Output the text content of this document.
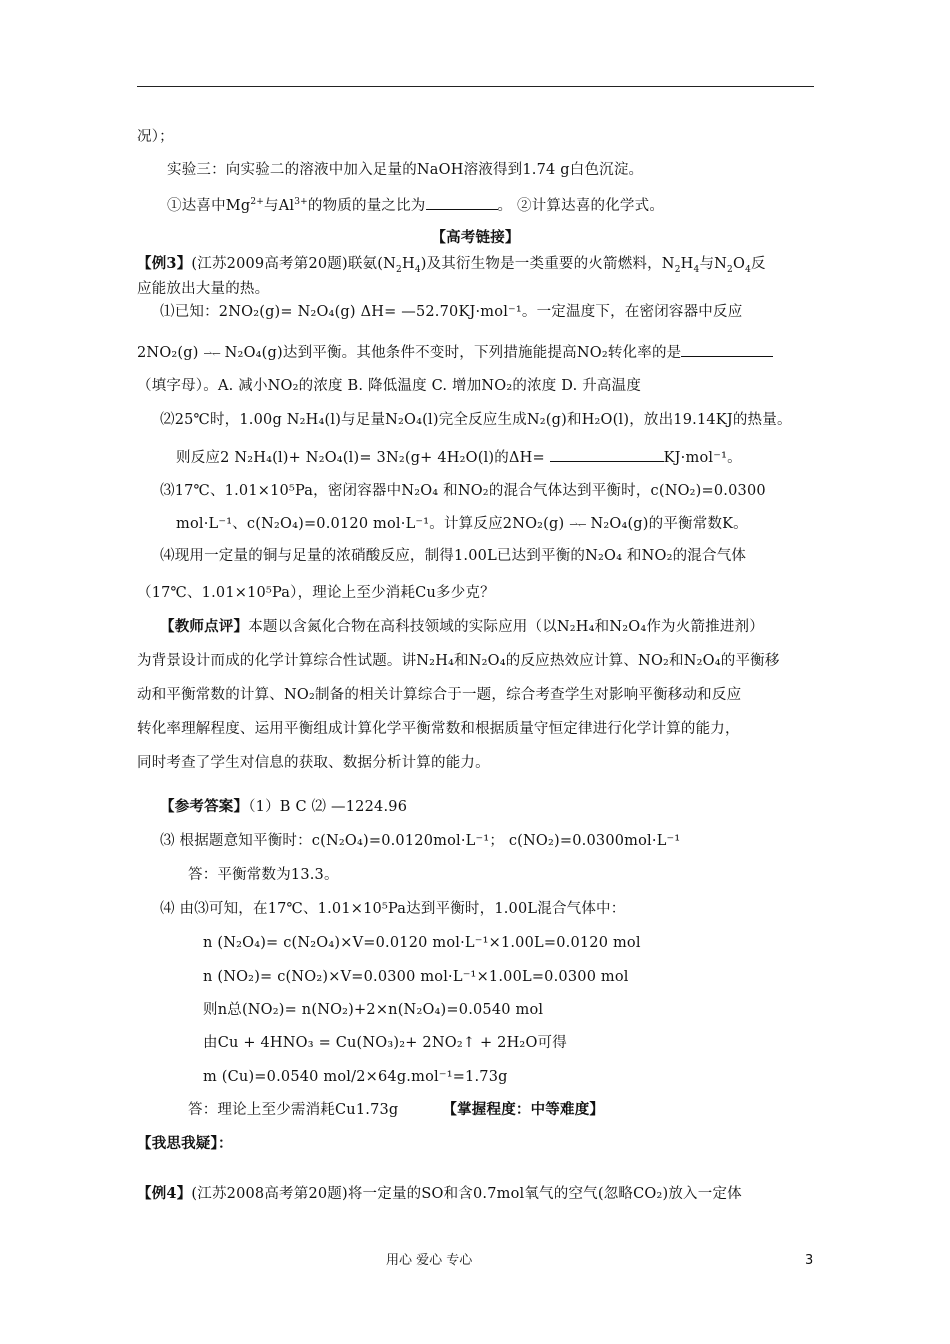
况）；
实验三：向实验二的溶液中加入足量的NaOH溶液得到1.74 g白色沉淀。
①达喜中$Mg^{2+}$与$Al^{3+}$的物质的量之比为	。 ②计算达喜的化学式。
【高考链接】
【例3】(江苏2009高考第20题)联氨$(N_2H_4)$及其衍生物是一类重要的火箭燃料，$N_2H_4$与$N_2O_4$反
应能放出大量的热。
⑴已知：2NO₂(g)= N₂O₄(g) ΔH= —52.70KJ·mol⁻¹。一定温度下，在密闭容器中反应
2NO₂(g) ⇀↽ N₂O₄(g)达到平衡。其他条件不变时，下列措施能提高NO₂转化率的是
（填字母）。A. 减小NO₂的浓度 B. 降低温度 C. 增加NO₂的浓度 D. 升高温度
⑵25℃时，1.00g N₂H₄(l)与足量N₂O₄(l)完全反应生成N₂(g)和H₂O(l)，放出19.14KJ的热量。
则反应2 N₂H₄(l)+ N₂O₄(l)= 3N₂(g+ 4H₂O(l)的ΔH=	KJ·mol⁻¹。
⑶17℃、1.01×10⁵Pa，密闭容器中N₂O₄ 和NO₂的混合气体达到平衡时，c(NO₂)=0.0300
mol·L⁻¹、c(N₂O₄)=0.0120 mol·L⁻¹。计算反应2NO₂(g) ⇀↽ N₂O₄(g)的平衡常数K。
⑷现用一定量的铜与足量的浓硝酸反应，制得1.00L已达到平衡的N₂O₄ 和NO₂的混合气体
（17℃、1.01×10⁵Pa），理论上至少消耗Cu多少克？
【教师点评】本题以含氮化合物在高科技领域的实际应用（以N₂H₄和N₂O₄作为火箭推进剂）
为背景设计而成的化学计算综合性试题。讲N₂H₄和N₂O₄的反应热效应计算、NO₂和N₂O₄的平衡移
动和平衡常数的计算、NO₂制备的相关计算综合于一题，综合考查学生对影响平衡移动和反应
转化率理解程度、运用平衡组成计算化学平衡常数和根据质量守恒定律进行化学计算的能力，
同时考查了学生对信息的获取、数据分析计算的能力。
【参考答案】（1）B C ⑵ —1224.96
⑶ 根据题意知平衡时：c(N₂O₄)=0.0120mol·L⁻¹； c(NO₂)=0.0300mol·L⁻¹
答：平衡常数为13.3。
⑷ 由⑶可知，在17℃、1.01×10⁵Pa达到平衡时，1.00L混合气体中：
n (N₂O₄)= c(N₂O₄)×V=0.0120 mol·L⁻¹×1.00L=0.0120 mol
n (NO₂)= c(NO₂)×V=0.0300 mol·L⁻¹×1.00L=0.0300 mol
则n总(NO₂)= n(NO₂)+2×n(N₂O₄)=0.0540 mol
由Cu + 4HNO₃ = Cu(NO₃)₂+ 2NO₂↑ + 2H₂O可得
m (Cu)=0.0540 mol/2×64g.mol⁻¹=1.73g
答：理论上至少需消耗Cu1.73g	【掌握程度：中等难度】
【我思我疑】：
【例4】(江苏2008高考第20题)将一定量的SO和含0.7mol氧气的空气(忽略CO₂)放入一定体
用心 爱心 专心	3
